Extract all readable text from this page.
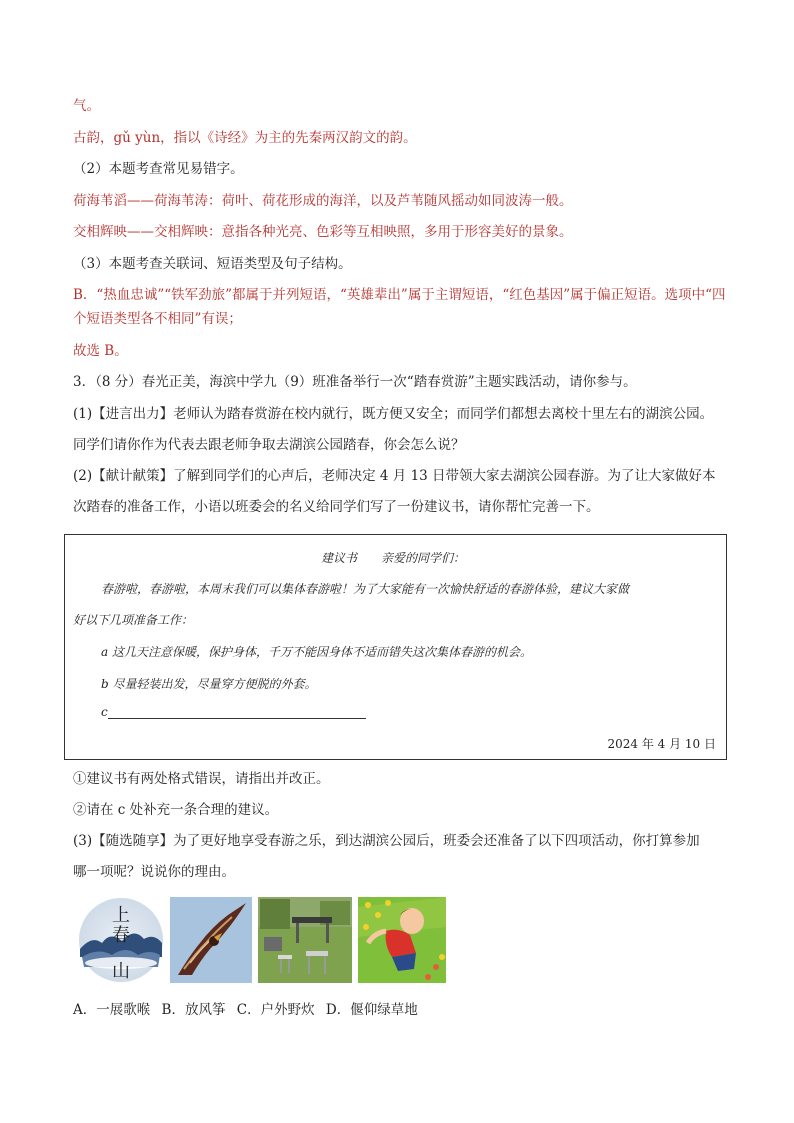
气。
古韵，gǔ yùn，指以《诗经》为主的先秦两汉韵文的韵。
（2）本题考查常见易错字。
荷海苇滔——荷海苇涛：荷叶、荷花形成的海洋，以及芦苇随风摇动如同波涛一般。
交相辉映——交相辉映：意指各种光亮、色彩等互相映照，多用于形容美好的景象。
（3）本题考查关联词、短语类型及句子结构。
B．“热血忠诚”“铁军劲旅”都属于并列短语，“英雄辈出”属于主谓短语，“红色基因”属于偏正短语。选项中“四
个短语类型各不相同”有误；
故选 B。
3．（8 分）春光正美，海滨中学九（9）班准备举行一次“踏春赏游”主题实践活动，请你参与。
(1)【进言出力】老师认为踏春赏游在校内就行，既方便又安全；而同学们都想去离校十里左右的湖滨公园。
同学们请你作为代表去跟老师争取去湖滨公园踏春，你会怎么说？
(2)【献计献策】了解到同学们的心声后，老师决定 4 月 13 日带领大家去湖滨公园春游。为了让大家做好本
次踏春的准备工作，小语以班委会的名义给同学们写了一份建议书，请你帮忙完善一下。
建议书　　亲爱的同学们：
春游啦，春游啦，本周末我们可以集体春游啦！为了大家能有一次愉快舒适的春游体验，建议大家做
好以下几项准备工作：
a 这几天注意保暖，保护身体，千万不能因身体不适而错失这次集体春游的机会。
b 尽量轻装出发，尽量穿方便脱的外套。
c
2024 年 4 月 10 日
①建议书有两处格式错误，请指出并改正。
②请在 c 处补充一条合理的建议。
(3)【随选随享】为了更好地享受春游之乐，到达湖滨公园后，班委会还准备了以下四项活动，你打算参加
哪一项呢？说说你的理由。
上
春
山
A．一展歌喉 B．放风筝 C．户外野炊 D．偃仰绿草地
